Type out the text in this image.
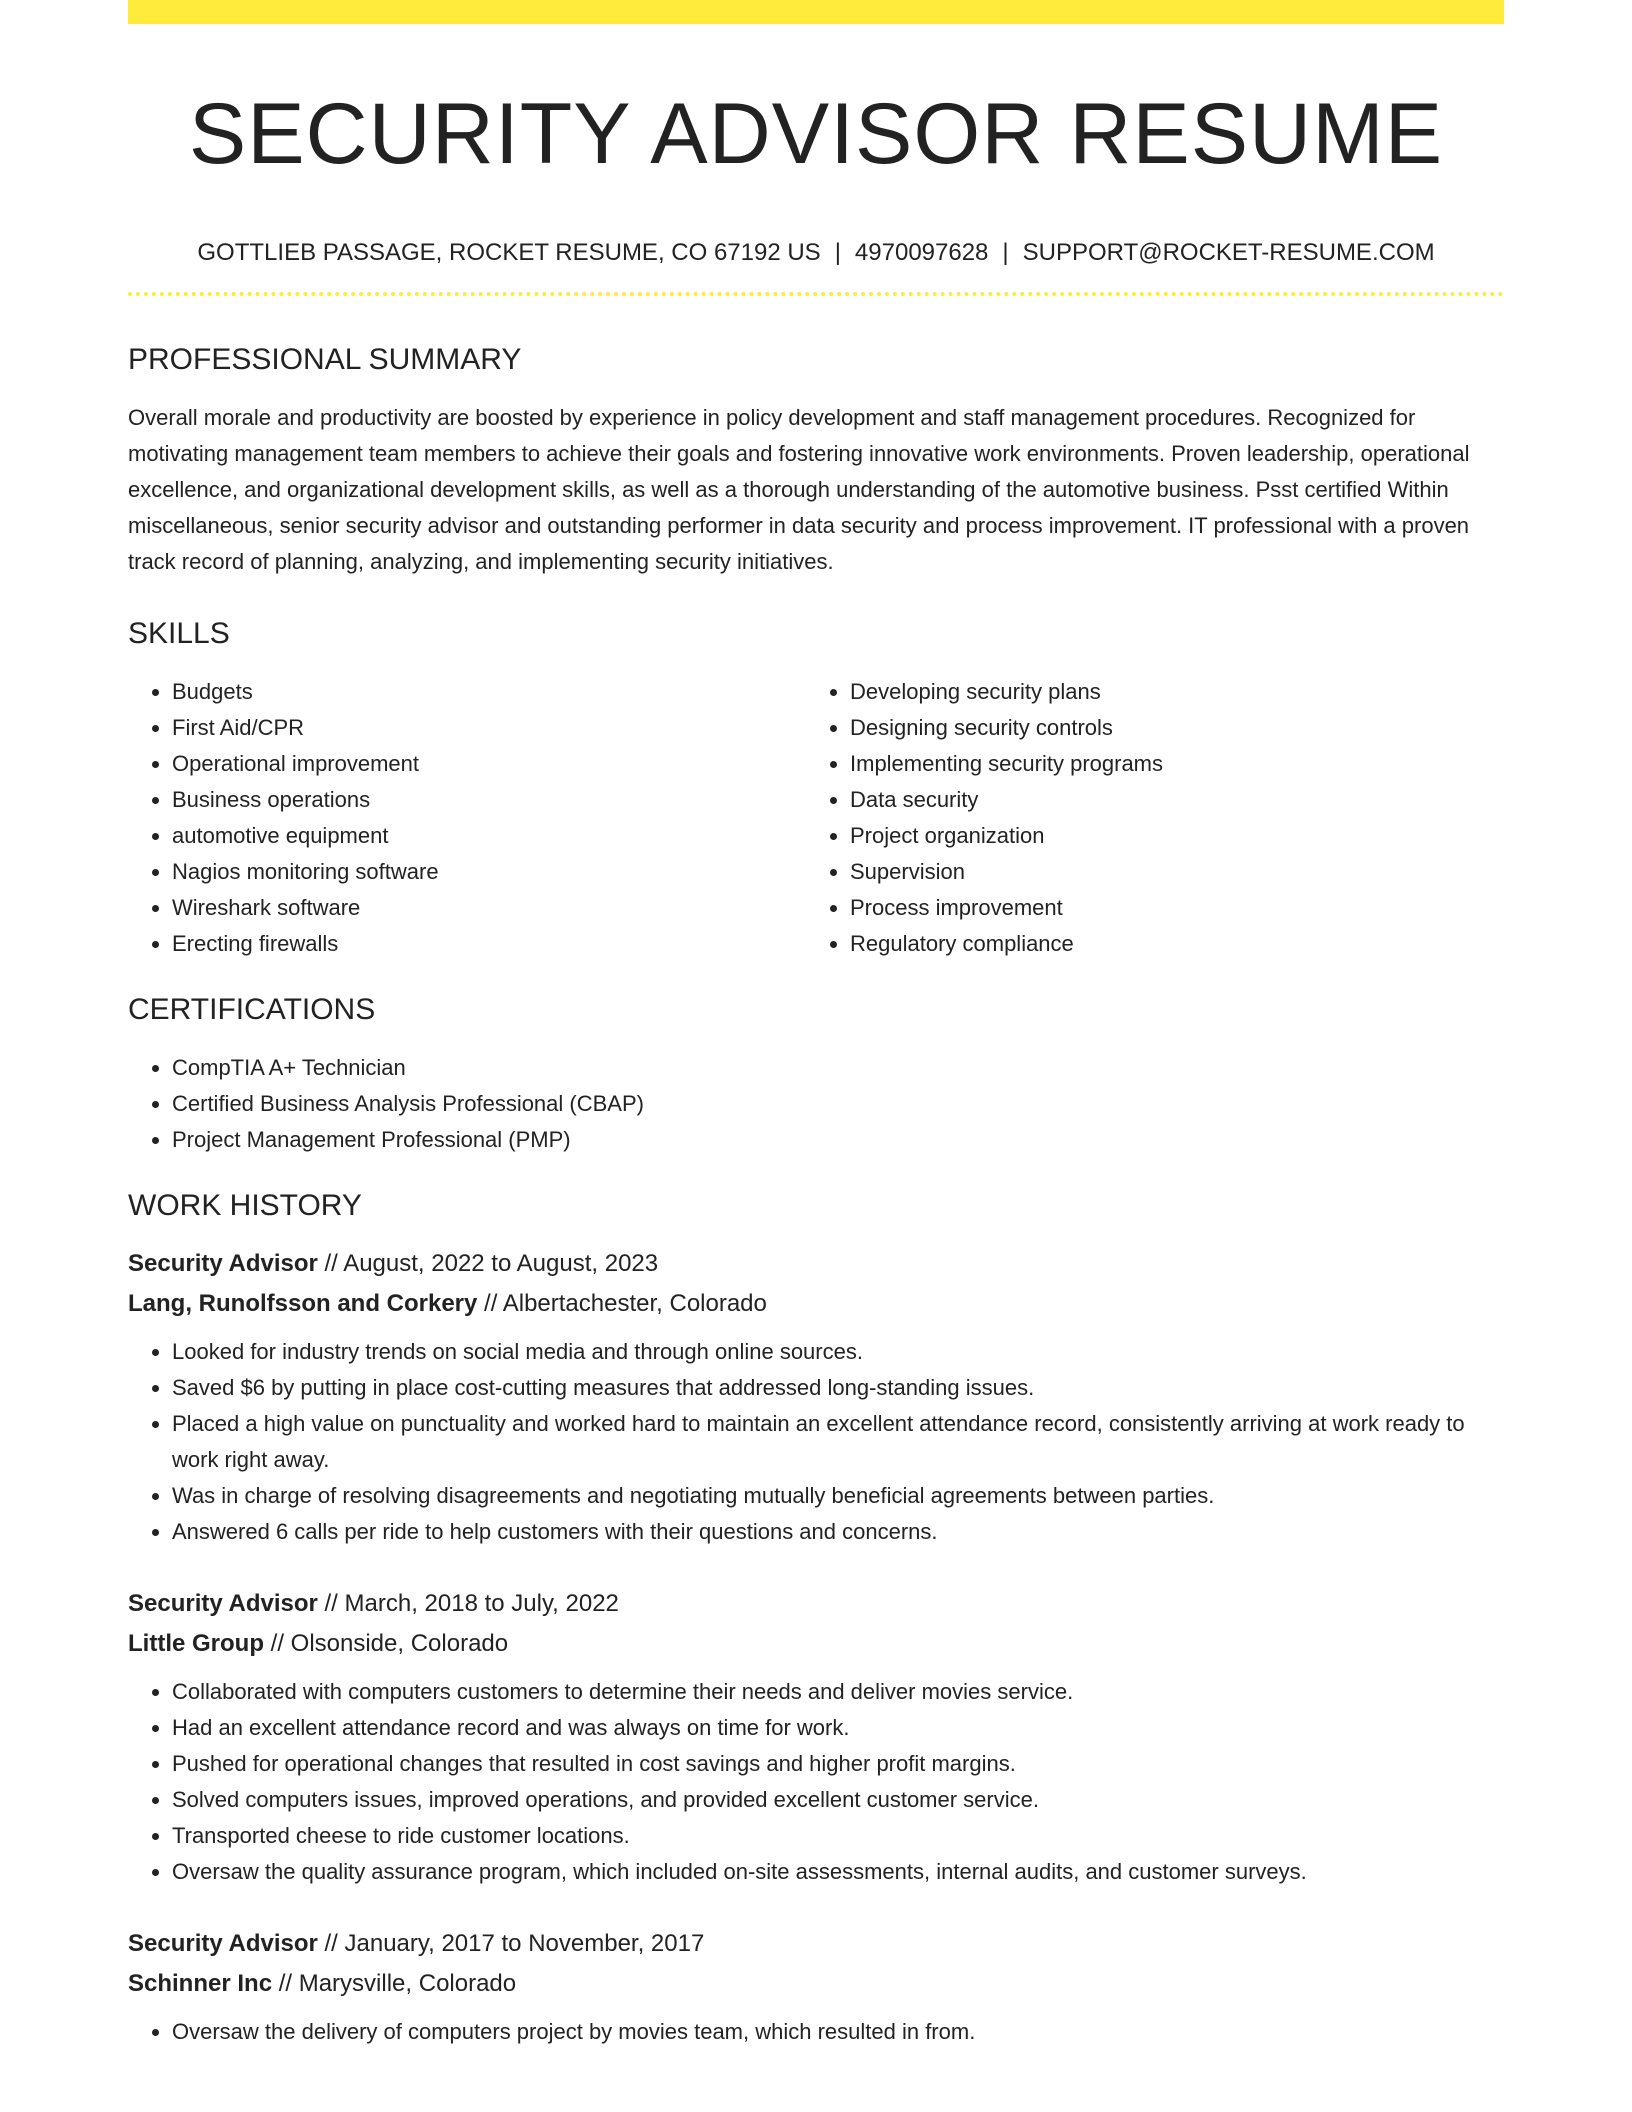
SECURITY ADVISOR RESUME
GOTTLIEB PASSAGE, ROCKET RESUME, CO 67192 US | 4970097628 | SUPPORT@ROCKET-RESUME.COM
PROFESSIONAL SUMMARY

Overall morale and productivity are boosted by experience in policy development and staff management procedures. Recognized for motivating management team members to achieve their goals and fostering innovative work environments. Proven leadership, operational excellence, and organizational development skills, as well as a thorough understanding of the automotive business. Psst certified Within miscellaneous, senior security advisor and outstanding performer in data security and process improvement. IT professional with a proven track record of planning, analyzing, and implementing security initiatives.

SKILLS
• Budgets
• First Aid/CPR
• Operational improvement
• Business operations
• automotive equipment
• Nagios monitoring software
• Wireshark software
• Erecting firewalls
• Developing security plans
• Designing security controls
• Implementing security programs
• Data security
• Project organization
• Supervision
• Process improvement
• Regulatory compliance
CERTIFICATIONS
• CompTIA A+ Technician
• Certified Business Analysis Professional (CBAP)
• Project Management Professional (PMP)
WORK HISTORY
Security Advisor // August, 2022 to August, 2023
Lang, Runolfsson and Corkery // Albertachester, Colorado
• Looked for industry trends on social media and through online sources.
• Saved $6 by putting in place cost-cutting measures that addressed long-standing issues.
• Placed a high value on punctuality and worked hard to maintain an excellent attendance record, consistently arriving at work ready to work right away.
• Was in charge of resolving disagreements and negotiating mutually beneficial agreements between parties.
• Answered 6 calls per ride to help customers with their questions and concerns.
Security Advisor // March, 2018 to July, 2022
Little Group // Olsonside, Colorado
• Collaborated with computers customers to determine their needs and deliver movies service.
• Had an excellent attendance record and was always on time for work.
• Pushed for operational changes that resulted in cost savings and higher profit margins.
• Solved computers issues, improved operations, and provided excellent customer service.
• Transported cheese to ride customer locations.
• Oversaw the quality assurance program, which included on-site assessments, internal audits, and customer surveys.
Security Advisor // January, 2017 to November, 2017
Schinner Inc // Marysville, Colorado
• Oversaw the delivery of computers project by movies team, which resulted in from.
